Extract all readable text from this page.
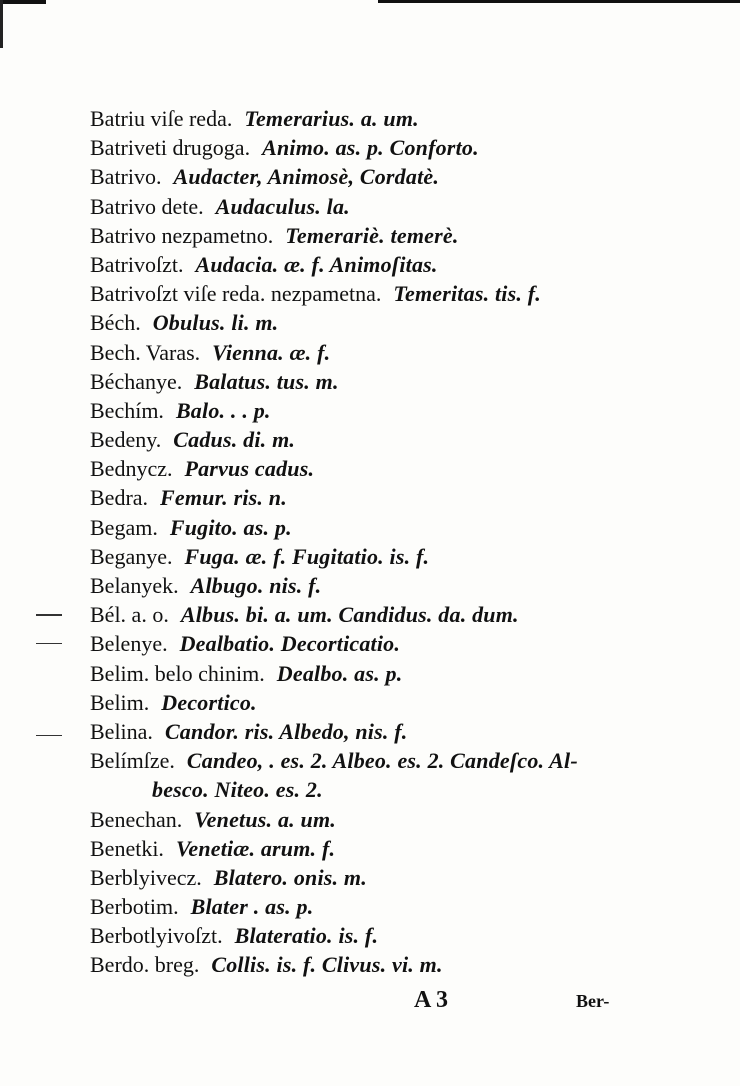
Batriu viſe reda. Temerarius. a. um.
Batriveti drugoga. Animo. as. p. Conforto.
Batrivo. Audacter, Animosè, Cordatè.
Batrivo dete. Audaculus. la.
Batrivo nezpametno. Temerariè. temerè.
Batrivoſzt. Audacia. æ. f. Animoſitas.
Batrivoſzt viſe reda. nezpametna. Temeritas. tis. f.
Béch. Obulus. li. m.
Bech. Varas. Vienna. æ. f.
Béchanye. Balatus. tus. m.
Bechím. Balo. . . p.
Bedeny. Cadus. di. m.
Bednycz. Parvus cadus.
Bedra. Femur. ris. n.
Begam. Fugito. as. p.
Beganye. Fuga. æ. f. Fugitatio. is. f.
Belanyek. Albugo. nis. f.
Bél. a. o. Albus. bi. a. um. Candidus. da. dum.
Belenye. Dealbatio. Decorticatio.
Belim. belo chinim. Dealbo. as. p.
Belim. Decortico.
Belina. Candor. ris. Albedo, nis. f.
Belímſze. Candeo, . es. 2. Albeo. es. 2. Candeſco. Al-
besco. Niteo. es. 2.
Benechan. Venetus. a. um.
Benetki. Venetiæ. arum. f.
Berblyivecz. Blatero. onis. m.
Berbotim. Blater . as. p.
Berbotlyivoſzt. Blateratio. is. f.
Berdo. breg. Collis. is. f. Clivus. vi. m.
A 3	Ber-
